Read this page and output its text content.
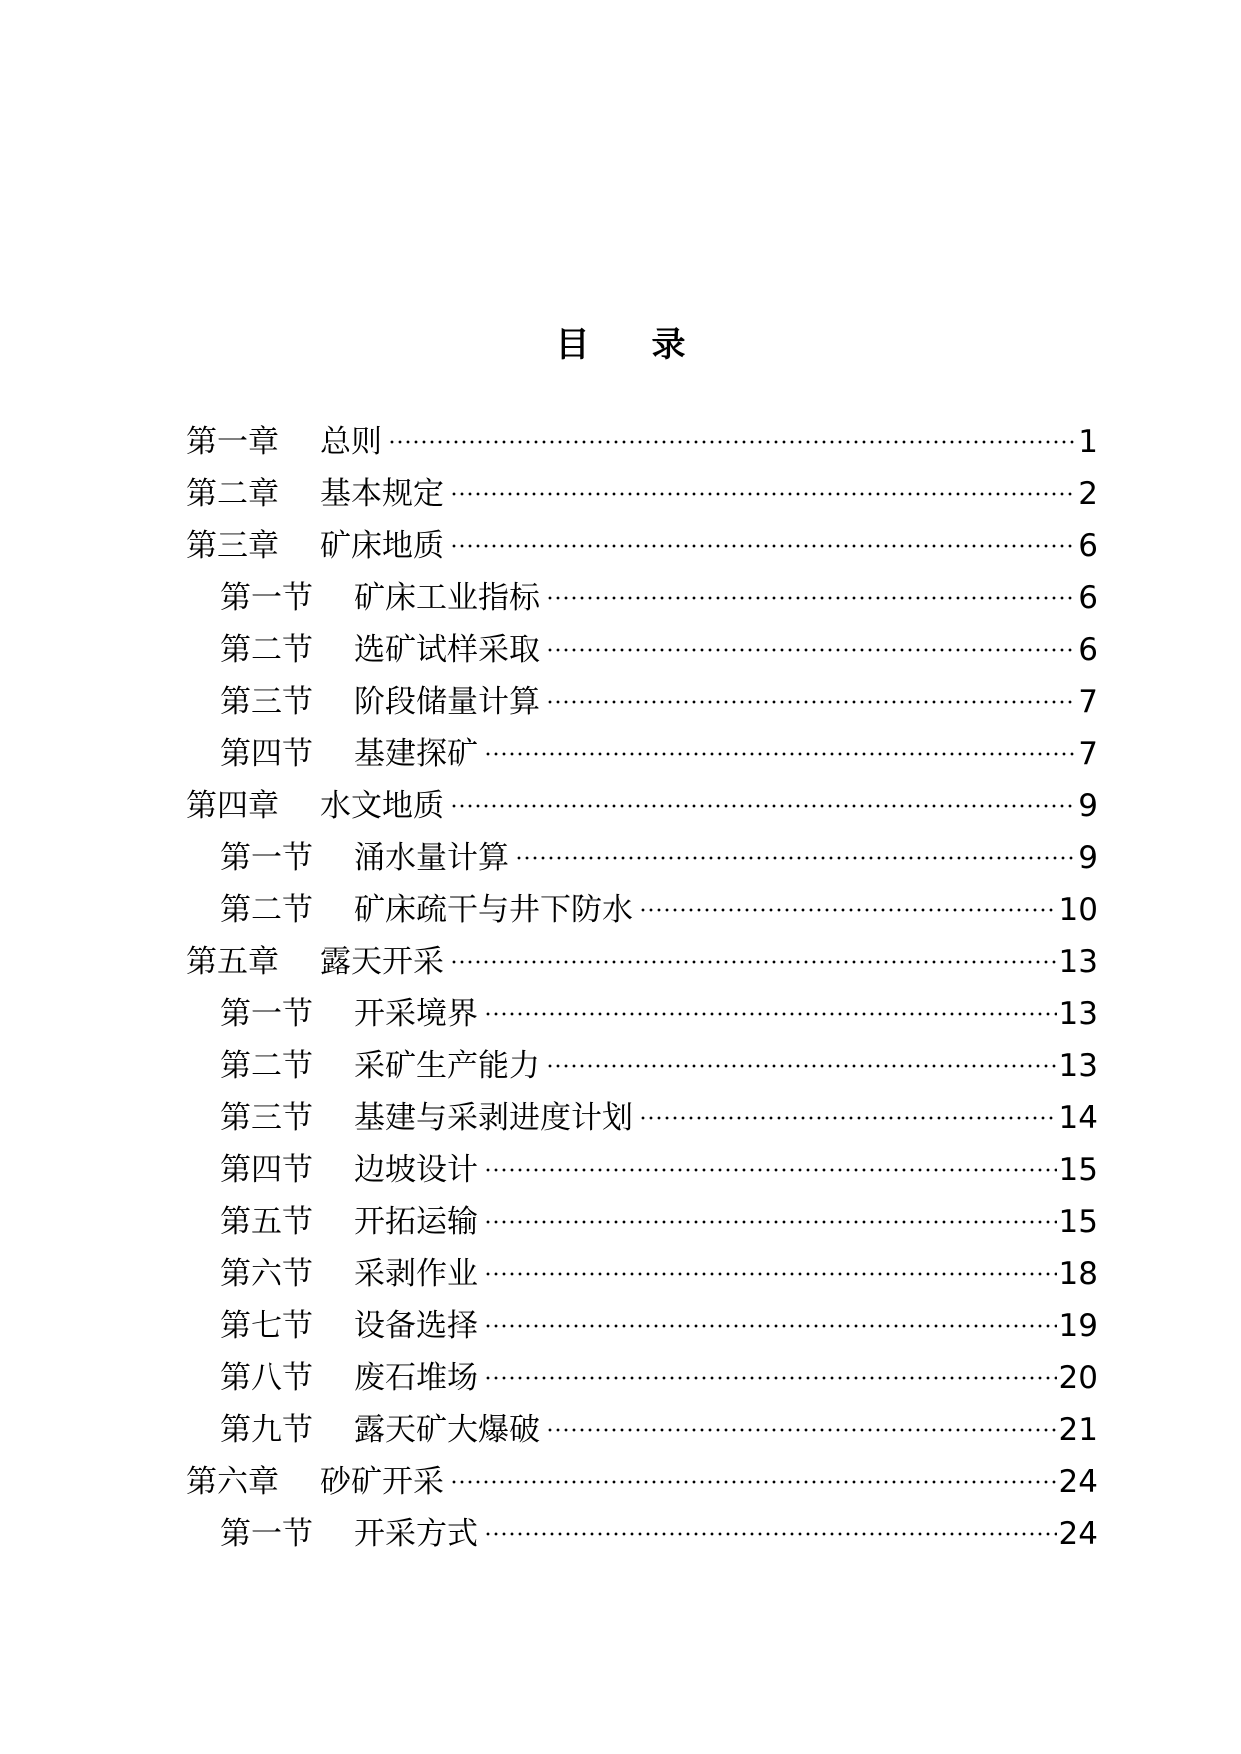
目 录
第一章	总则	1
第二章	基本规定	2
第三章	矿床地质	6
第一节	矿床工业指标	6
第二节	选矿试样采取	6
第三节	阶段储量计算	7
第四节	基建探矿	7
第四章	水文地质	9
第一节	涌水量计算	9
第二节	矿床疏干与井下防水	10
第五章	露天开采	13
第一节	开采境界	13
第二节	采矿生产能力	13
第三节	基建与采剥进度计划	14
第四节	边坡设计	15
第五节	开拓运输	15
第六节	采剥作业	18
第七节	设备选择	19
第八节	废石堆场	20
第九节	露天矿大爆破	21
第六章	砂矿开采	24
第一节	开采方式	24
